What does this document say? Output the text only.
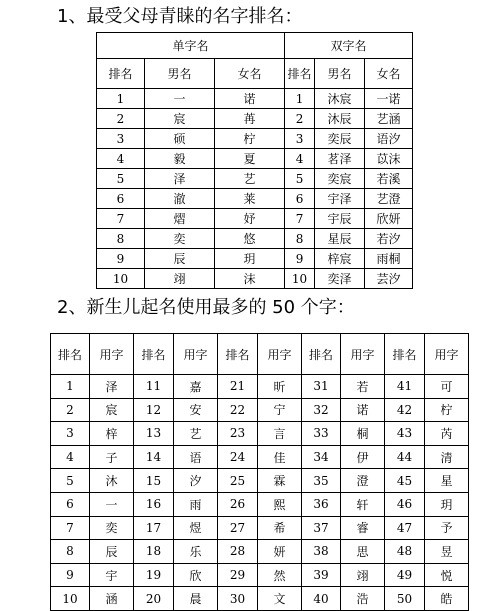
1、最受父母青睐的名字排名：
单字名			双字名		
排名	男名	女名	排名	男名	女名
1	一	诺	1	沐宸	一诺
2	宸	苒	2	沐辰	艺涵
3	硕	柠	3	奕辰	语汐
4	毅	夏	4	茗泽	苡沫
5	泽	艺	5	奕宸	若溪
6	澈	莱	6	宇泽	艺澄
7	熠	妤	7	宇辰	欣妍
8	奕	悠	8	星辰	若汐
9	辰	玥	9	梓宸	雨桐
10	翊	沫	10	奕泽	芸汐
2、新生儿起名使用最多的 50 个字：
排名	用字	排名	用字	排名	用字	排名	用字	排名	用字
1	泽	11	嘉	21	昕	31	若	41	可
2	宸	12	安	22	宁	32	诺	42	柠
3	梓	13	艺	23	言	33	桐	43	芮
4	子	14	语	24	佳	34	伊	44	清
5	沐	15	汐	25	霖	35	澄	45	星
6	一	16	雨	26	熙	36	轩	46	玥
7	奕	17	煜	27	希	37	睿	47	予
8	辰	18	乐	28	妍	38	思	48	昱
9	宇	19	欣	29	然	39	翊	49	悦
10	涵	20	晨	30	文	40	浩	50	皓
